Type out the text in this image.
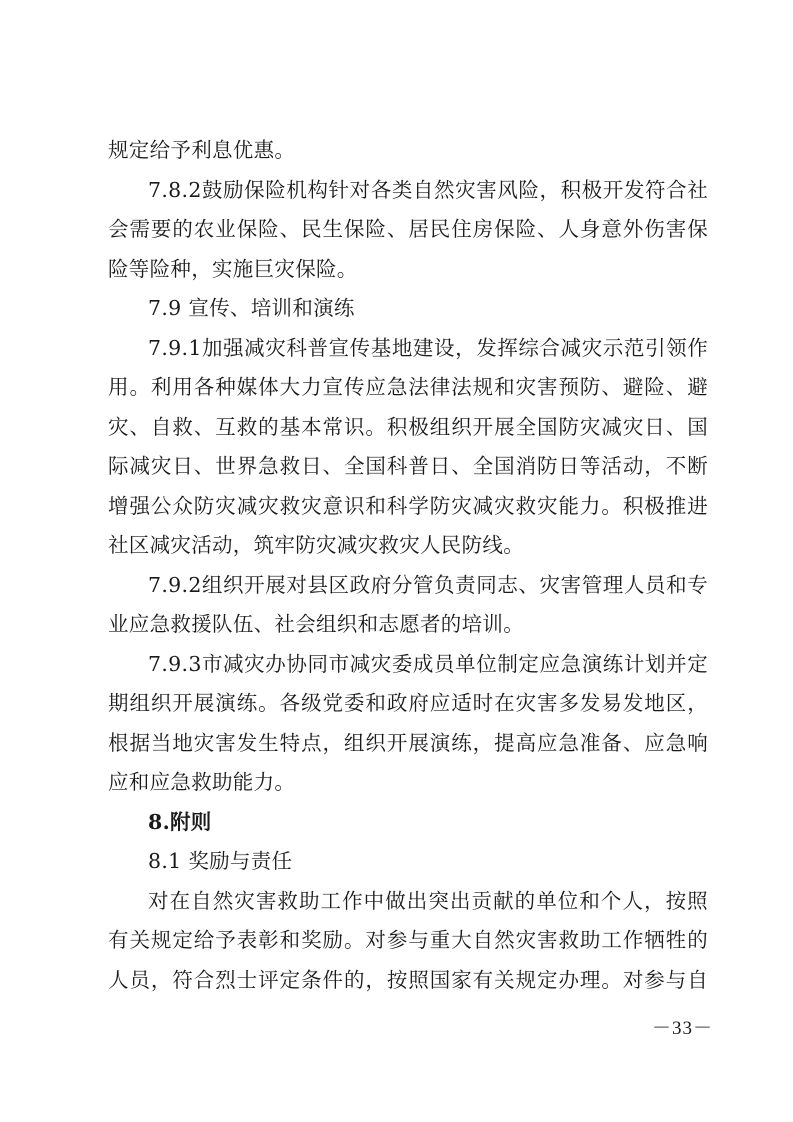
规定给予利息优惠。
7.8.2鼓励保险机构针对各类自然灾害风险，积极开发符合社
会需要的农业保险、民生保险、居民住房保险、人身意外伤害保
险等险种，实施巨灾保险。
7.9 宣传、培训和演练
7.9.1加强减灾科普宣传基地建设，发挥综合减灾示范引领作
用。利用各种媒体大力宣传应急法律法规和灾害预防、避险、避
灾、自救、互救的基本常识。积极组织开展全国防灾减灾日、国
际减灾日、世界急救日、全国科普日、全国消防日等活动，不断
增强公众防灾减灾救灾意识和科学防灾减灾救灾能力。积极推进
社区减灾活动，筑牢防灾减灾救灾人民防线。
7.9.2组织开展对县区政府分管负责同志、灾害管理人员和专
业应急救援队伍、社会组织和志愿者的培训。
7.9.3市减灾办协同市减灾委成员单位制定应急演练计划并定
期组织开展演练。各级党委和政府应适时在灾害多发易发地区，
根据当地灾害发生特点，组织开展演练，提高应急准备、应急响
应和应急救助能力。
8.附则
8.1 奖励与责任
对在自然灾害救助工作中做出突出贡献的单位和个人，按照
有关规定给予表彰和奖励。对参与重大自然灾害救助工作牺牲的
人员，符合烈士评定条件的，按照国家有关规定办理。对参与自
－33－
